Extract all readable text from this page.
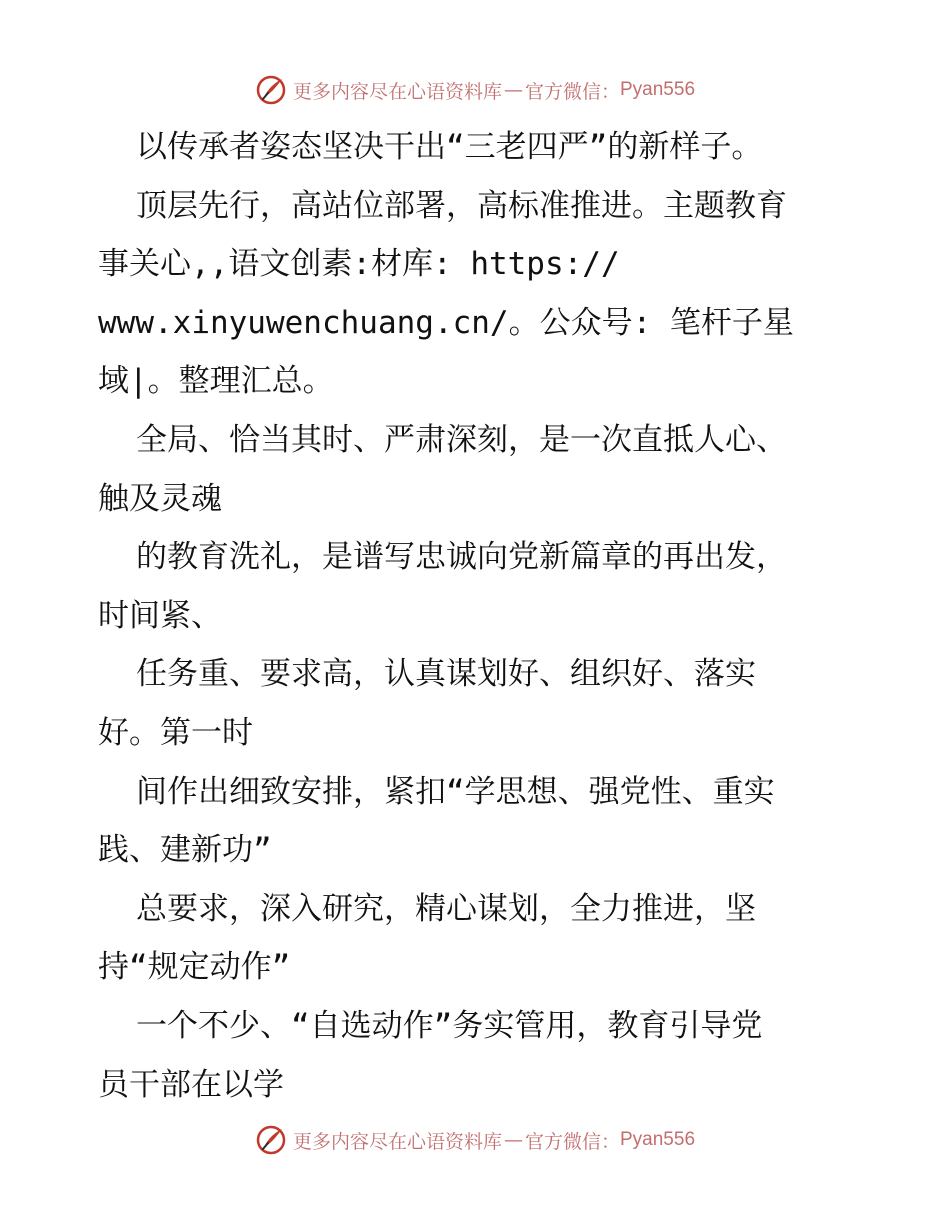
更多内容尽在心语资料库 — 官方微信： Pyan556
以传承者姿态坚决干出“三老四严”的新样子。
顶层先行，高站位部署，高标准推进。主题教育
事关心,,语文创素:材库: https://
www.xinyuwenchuang.cn/。公众号: 笔杆子星
域|。整理汇总。
全局、恰当其时、严肃深刻，是一次直抵人心、
触及灵魂
的教育洗礼，是谱写忠诚向党新篇章的再出发，
时间紧、
任务重、要求高，认真谋划好、组织好、落实
好。第一时
间作出细致安排，紧扣“学思想、强党性、重实
践、建新功”
总要求，深入研究，精心谋划，全力推进，坚
持“规定动作”
一个不少、“自选动作”务实管用，教育引导党
员干部在以学
更多内容尽在心语资料库 — 官方微信： Pyan556
